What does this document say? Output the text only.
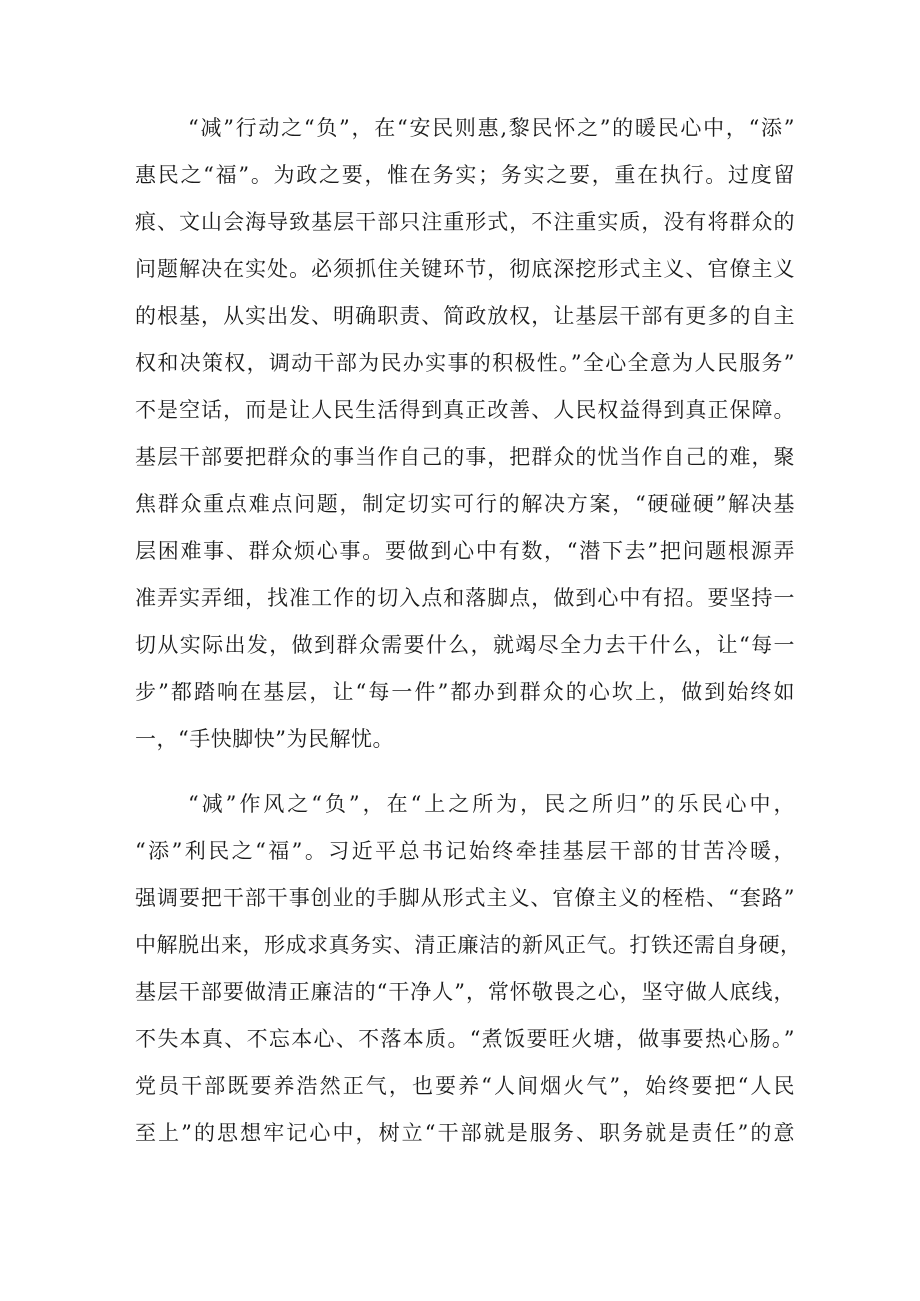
“减”行动之“负”，在“安民则惠,黎民怀之”的暖民心中，“添”
惠民之“福”。为政之要，惟在务实；务实之要，重在执行。过度留
痕、文山会海导致基层干部只注重形式，不注重实质，没有将群众的
问题解决在实处。必须抓住关键环节，彻底深挖形式主义、官僚主义
的根基，从实出发、明确职责、简政放权，让基层干部有更多的自主
权和决策权，调动干部为民办实事的积极性。”全心全意为人民服务”
不是空话，而是让人民生活得到真正改善、人民权益得到真正保障。
基层干部要把群众的事当作自己的事，把群众的忧当作自己的难，聚
焦群众重点难点问题，制定切实可行的解决方案，“硬碰硬”解决基
层困难事、群众烦心事。要做到心中有数，“潜下去”把问题根源弄
准弄实弄细，找准工作的切入点和落脚点，做到心中有招。要坚持一
切从实际出发，做到群众需要什么，就竭尽全力去干什么，让“每一
步”都踏响在基层，让“每一件”都办到群众的心坎上，做到始终如
一，“手快脚快”为民解忧。
“减”作风之“负”，在“上之所为，民之所归”的乐民心中，
“添”利民之“福”。习近平总书记始终牵挂基层干部的甘苦冷暖，
强调要把干部干事创业的手脚从形式主义、官僚主义的桎梏、“套路”
中解脱出来，形成求真务实、清正廉洁的新风正气。打铁还需自身硬，
基层干部要做清正廉洁的“干净人”，常怀敬畏之心，坚守做人底线，
不失本真、不忘本心、不落本质。“煮饭要旺火塘，做事要热心肠。”
党员干部既要养浩然正气，也要养“人间烟火气”，始终要把“人民
至上”的思想牢记心中，树立“干部就是服务、职务就是责任”的意
